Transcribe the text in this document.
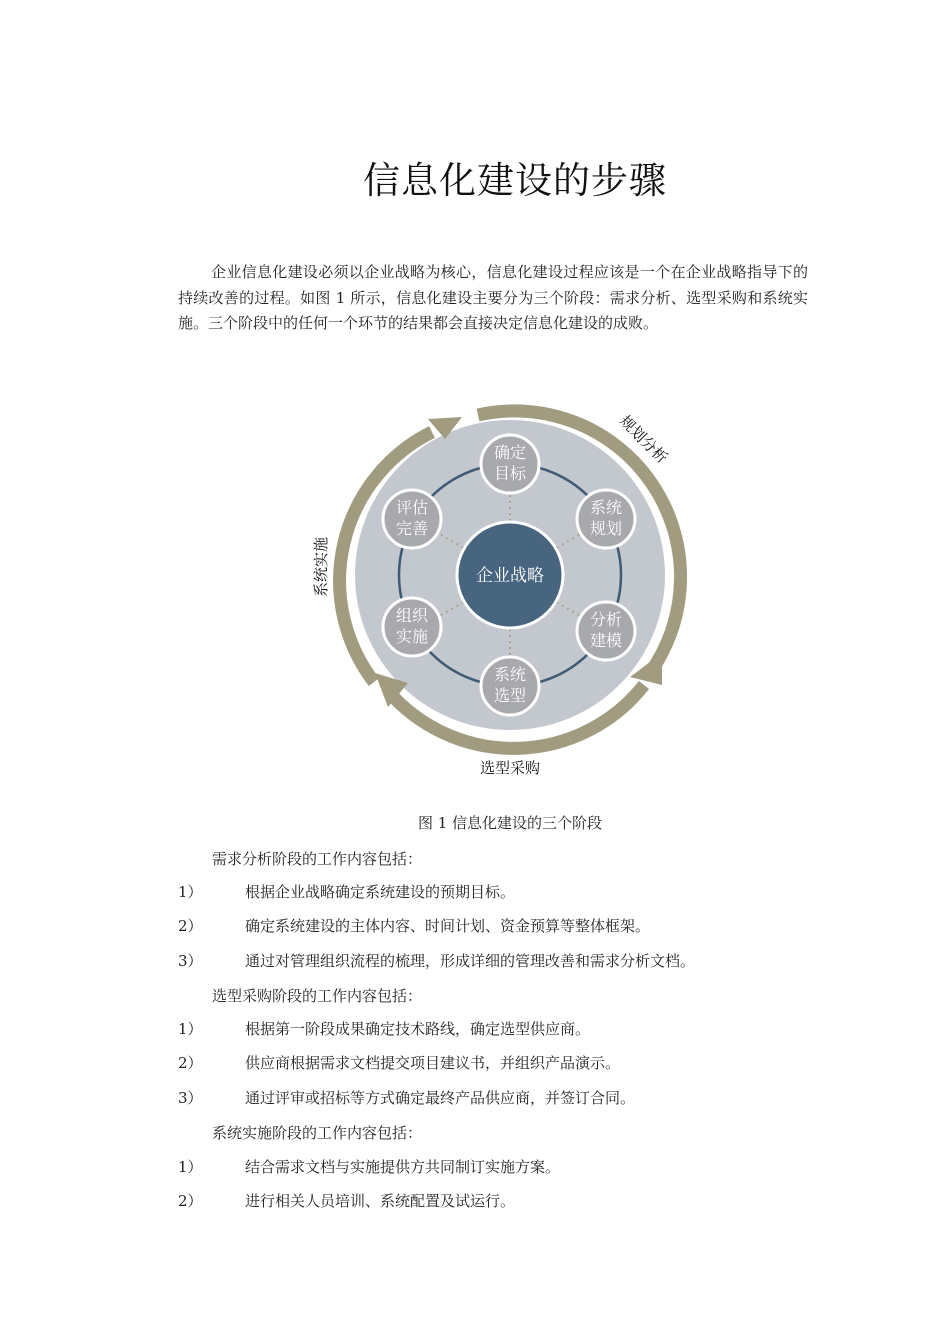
信息化建设的步骤

企业信息化建设必须以企业战略为核心，信息化建设过程应该是一个在企业战略指导下的持续改善的过程。如图 1 所示，信息化建设主要分为三个阶段：需求分析、选型采购和系统实施。三个阶段中的任何一个环节的结果都会直接决定信息化建设的成败。

企业战略
确定
目标
系统
规划
分析
建模
系统
选型
组织
实施
评估
完善
规划分析
选型采购
系统实施
图 1 信息化建设的三个阶段
需求分析阶段的工作内容包括：
1）	根据企业战略确定系统建设的预期目标。
2）	确定系统建设的主体内容、时间计划、资金预算等整体框架。
3）	通过对管理组织流程的梳理，形成详细的管理改善和需求分析文档。
选型采购阶段的工作内容包括：
1）	根据第一阶段成果确定技术路线，确定选型供应商。
2）	供应商根据需求文档提交项目建议书，并组织产品演示。
3）	通过评审或招标等方式确定最终产品供应商，并签订合同。
系统实施阶段的工作内容包括：
1）	结合需求文档与实施提供方共同制订实施方案。
2）	进行相关人员培训、系统配置及试运行。
